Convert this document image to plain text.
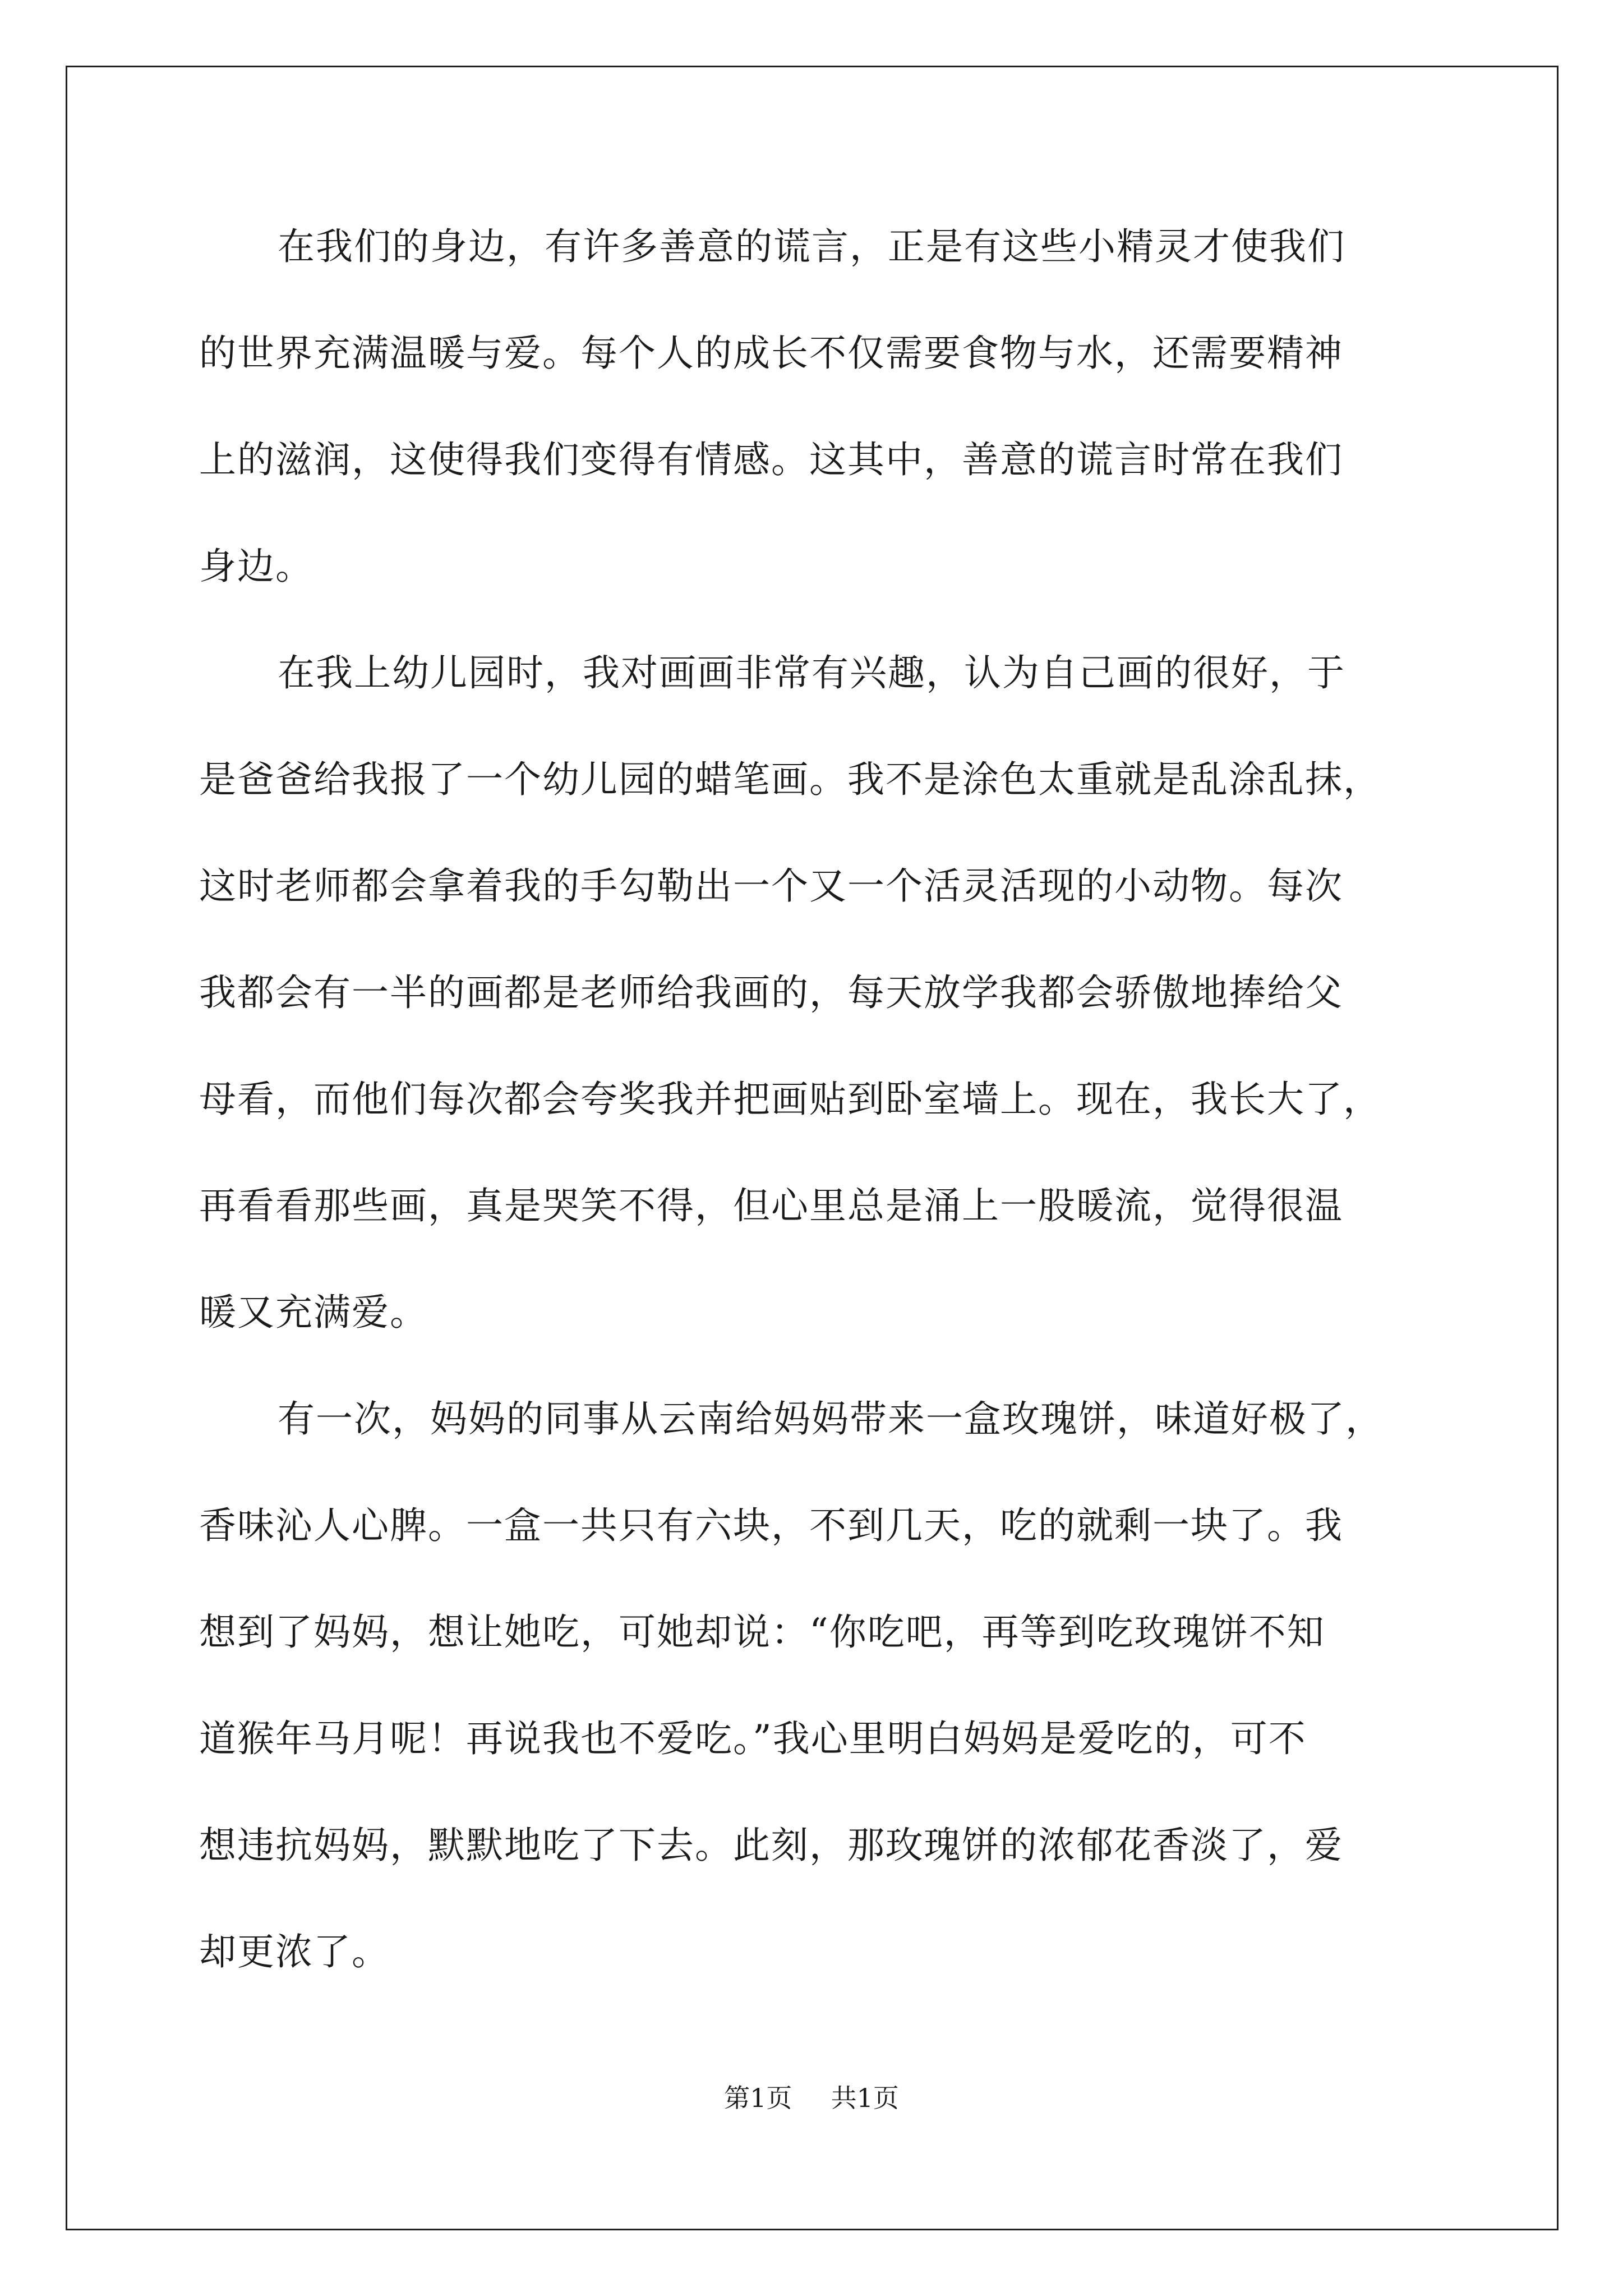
在我们的身边，有许多善意的谎言，正是有这些小精灵才使我们
的世界充满温暖与爱。每个人的成长不仅需要食物与水，还需要精神
上的滋润，这使得我们变得有情感。这其中，善意的谎言时常在我们
身边。
在我上幼儿园时，我对画画非常有兴趣，认为自己画的很好，于
是爸爸给我报了一个幼儿园的蜡笔画。我不是涂色太重就是乱涂乱抹，
这时老师都会拿着我的手勾勒出一个又一个活灵活现的小动物。每次
我都会有一半的画都是老师给我画的，每天放学我都会骄傲地捧给父
母看，而他们每次都会夸奖我并把画贴到卧室墙上。现在，我长大了，
再看看那些画，真是哭笑不得，但心里总是涌上一股暖流，觉得很温
暖又充满爱。
有一次，妈妈的同事从云南给妈妈带来一盒玫瑰饼，味道好极了，
香味沁人心脾。一盒一共只有六块，不到几天，吃的就剩一块了。我
想到了妈妈，想让她吃，可她却说：“你吃吧，再等到吃玫瑰饼不知
道猴年马月呢！再说我也不爱吃。”我心里明白妈妈是爱吃的，可不
想违抗妈妈，默默地吃了下去。此刻，那玫瑰饼的浓郁花香淡了，爱
却更浓了。
第1页 共1页
